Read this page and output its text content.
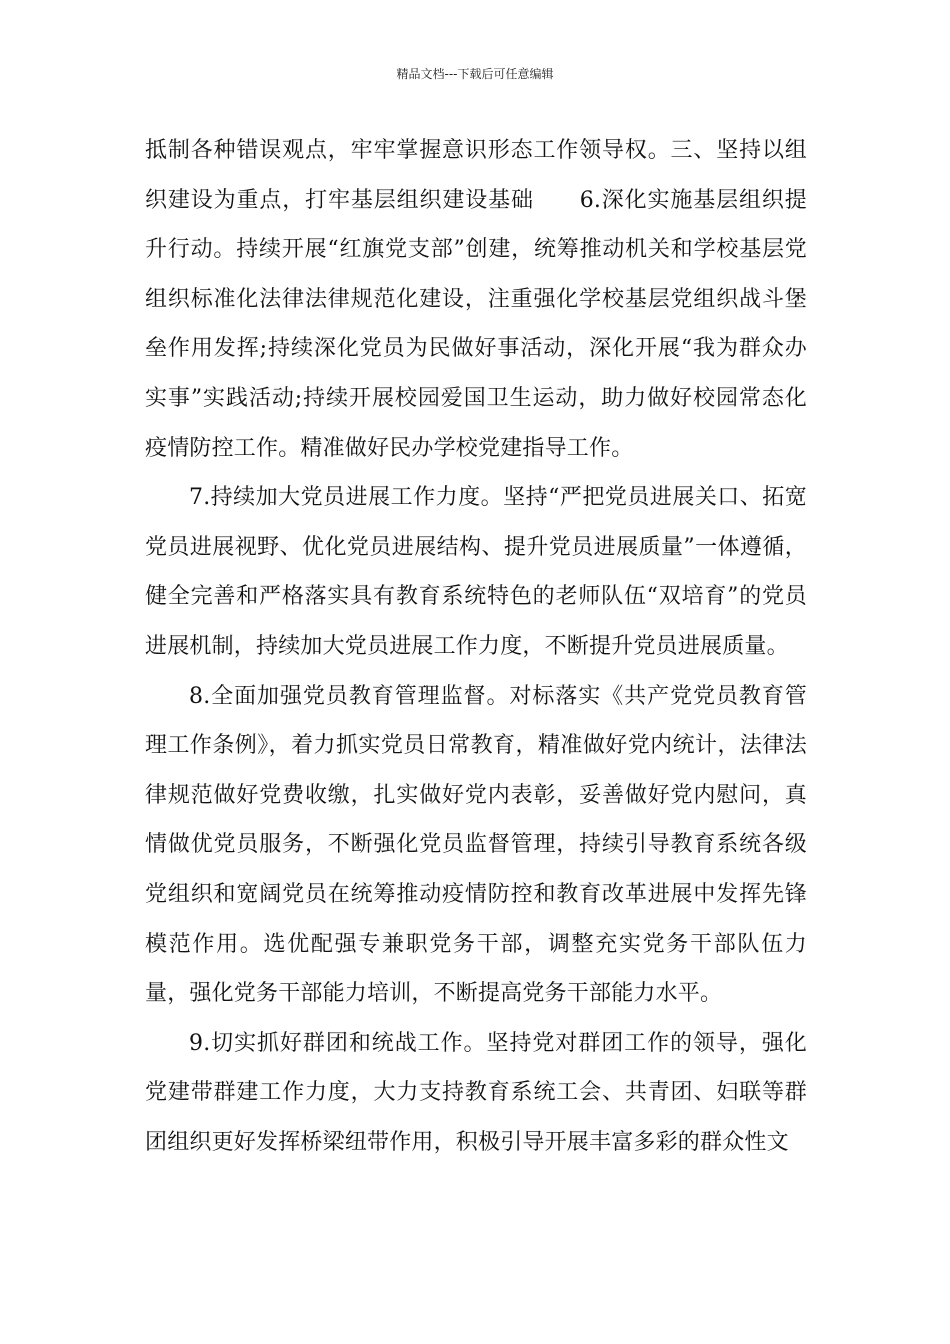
精品文档---下载后可任意编辑

抵制各种错误观点，牢牢掌握意识形态工作领导权。三、坚持以组织建设为重点，打牢基层组织建设基础　　6.深化实施基层组织提升行动。持续开展“红旗党支部”创建，统筹推动机关和学校基层党组织标准化法律法律规范化建设，注重强化学校基层党组织战斗堡垒作用发挥;持续深化党员为民做好事活动，深化开展“我为群众办实事”实践活动;持续开展校园爱国卫生运动，助力做好校园常态化疫情防控工作。精准做好民办学校党建指导工作。

7.持续加大党员进展工作力度。坚持“严把党员进展关口、拓宽党员进展视野、优化党员进展结构、提升党员进展质量”一体遵循，健全完善和严格落实具有教育系统特色的老师队伍“双培育”的党员进展机制，持续加大党员进展工作力度，不断提升党员进展质量。

8.全面加强党员教育管理监督。对标落实《共产党党员教育管理工作条例》，着力抓实党员日常教育，精准做好党内统计，法律法律规范做好党费收缴，扎实做好党内表彰，妥善做好党内慰问，真情做优党员服务，不断强化党员监督管理，持续引导教育系统各级党组织和宽阔党员在统筹推动疫情防控和教育改革进展中发挥先锋模范作用。选优配强专兼职党务干部，调整充实党务干部队伍力量，强化党务干部能力培训，不断提高党务干部能力水平。

9.切实抓好群团和统战工作。坚持党对群团工作的领导，强化党建带群建工作力度，大力支持教育系统工会、共青团、妇联等群团组织更好发挥桥梁纽带作用，积极引导开展丰富多彩的群众性文
